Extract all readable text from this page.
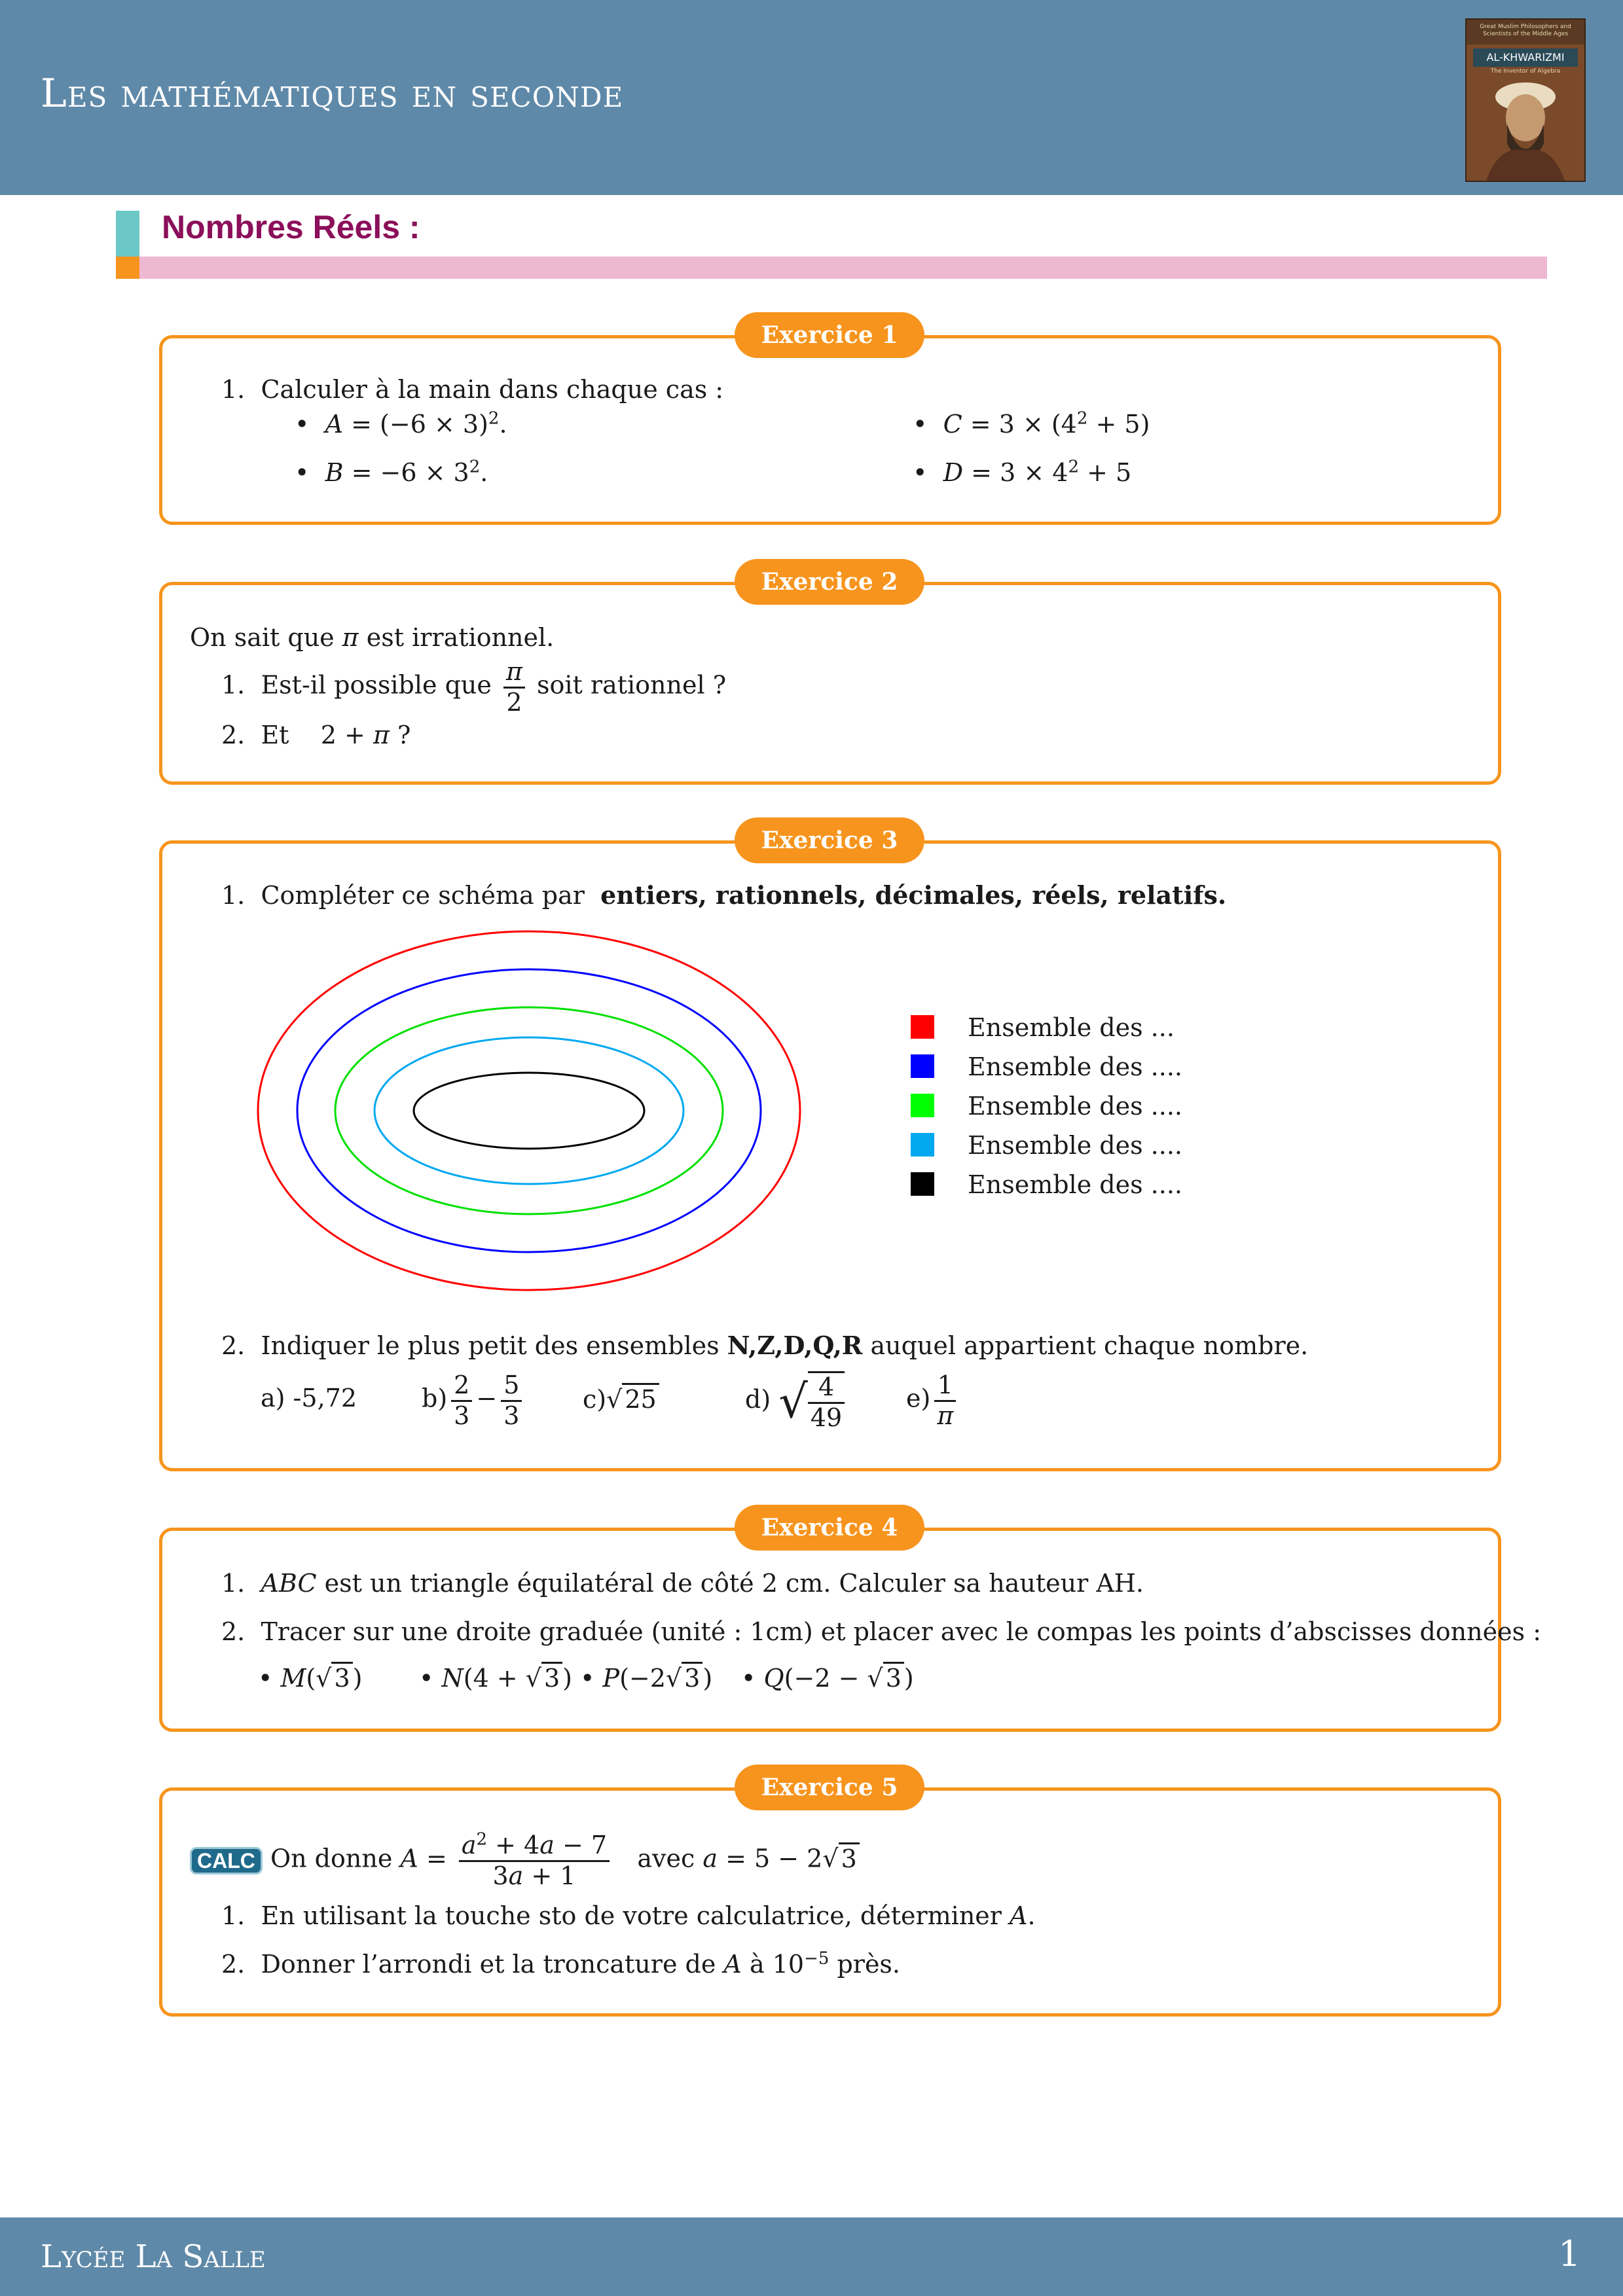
Les mathématiques en seconde
Great Muslim Philosophers and Scientists of the Middle Ages
AL-KHWARIZMI
The Inventor of Algebra
Nombres Réels :
1. Calculer à la main dans chaque cas :
• $A = (-6 \times 3)^2$.
• $B = -6 \times 3^2$.
• $C = 3 \times (4^2 + 5)$
• $D = 3 \times 4^2 + 5$
Exercice 1
On sait que π est irrationnel.
1. Est-il possible que $\frac{\pi}{2}$ soit rationnel ?
2. Et    2 + π ?
Exercice 2
1. Compléter ce schéma par  entiers, rationnels, décimales, réels, relatifs.
Ensemble des ...
Ensemble des ....
Ensemble des ....
Ensemble des ....
Ensemble des ....
2. Indiquer le plus petit des ensembles N,Z,D,Q,R auquel appartient chaque nombre.
a) -5,72	$b) \frac{2}{3} - \frac{5}{3} c)√$ 25	d) √ $\frac{4}{49} e) \frac{1}{\pi}$
Exercice 3
1. ABC est un triangle équilatéral de côté 2 cm. Calculer sa hauteur AH.
2. Tracer sur une droite graduée (unité : 1cm) et placer avec le compas les points d’abscisses données :
• M(√ 3 ) • N(4 + √ 3 ) • P(−2√ 3 ) • Q(−2 − √ 3 )
Exercice 4
CALC On donne $A = \frac{a^2 + 4a - 7}{3a + 1}$ avec a = 5 − 2√ 3
1. En utilisant la touche sto de votre calculatrice, déterminer A.
2. Donner l’arrondi et la troncature de A à $10^{-5}$ près.
Exercice 5
Lycée La Salle	1
